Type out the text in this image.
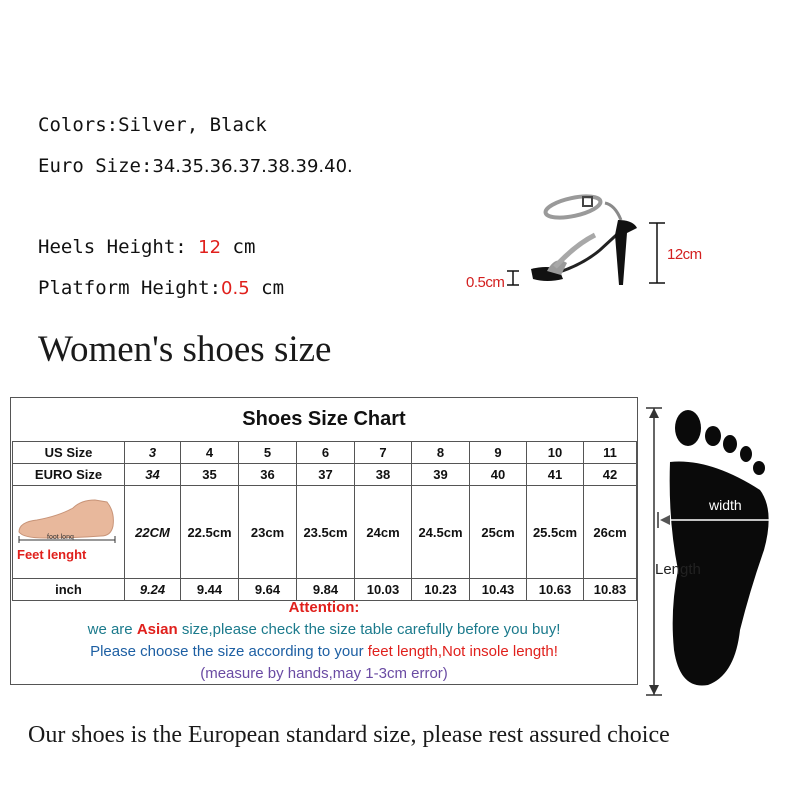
Colors:Silver, Black
Euro Size:34.35.36.37.38.39.40.
Heels Height: 12 cm
Platform Height:0.5 cm	0.5cm
12cm
Women's shoes size
Shoes Size Chart
US Size	3	4	5	6	7	8	9	10	11
EURO Size	34	35	36	37	38	39	40	41	42

foot long
Feet lenght	22CM	22.5cm	23cm	23.5cm	24cm	24.5cm	25cm	25.5cm	26cm
inch	9.24	9.44	9.64	9.84	10.03	10.23	10.43	10.63	10.83
Attention:
we are Asian size,please check the size table carefully before you buy!
Please choose the size according to your feet length,Not insole length!
(measure by hands,may 1-3cm error)
width
Length
Our shoes is the European standard size, please rest assured choice
